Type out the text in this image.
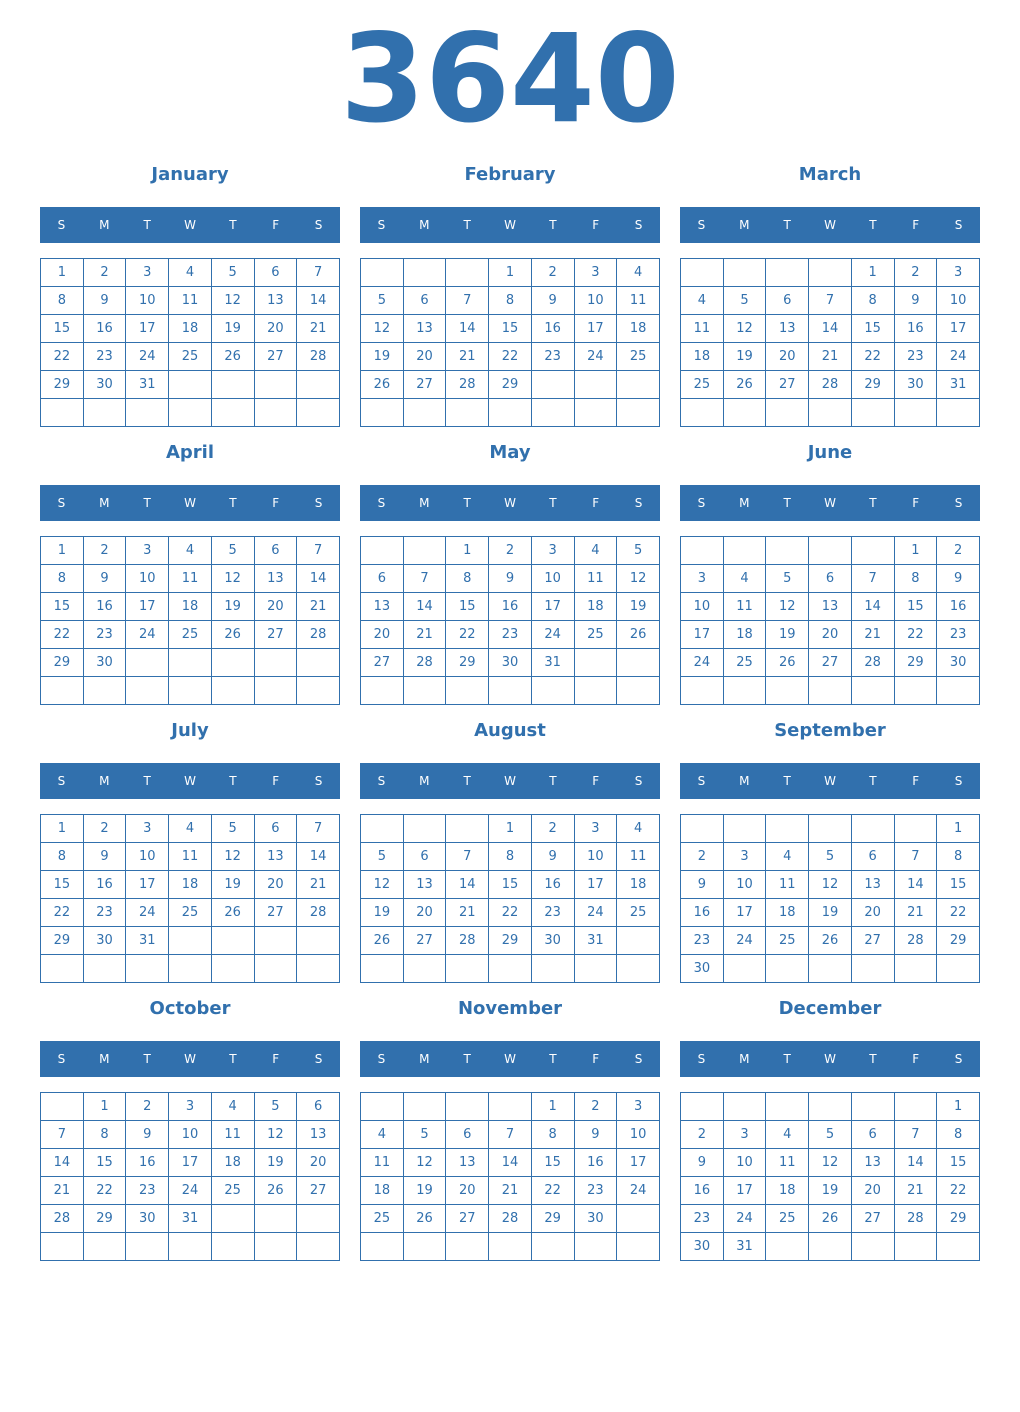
3640
January
S	M	T	W	T	F	S
1	2	3	4	5	6	7
8	9	10	11	12	13	14
15	16	17	18	19	20	21
22	23	24	25	26	27	28
29	30	31				

February
S	M	T	W	T	F	S
			1	2	3	4
5	6	7	8	9	10	11
12	13	14	15	16	17	18
19	20	21	22	23	24	25
26	27	28	29			

March
S	M	T	W	T	F	S
				1	2	3
4	5	6	7	8	9	10
11	12	13	14	15	16	17
18	19	20	21	22	23	24
25	26	27	28	29	30	31

April
S	M	T	W	T	F	S
1	2	3	4	5	6	7
8	9	10	11	12	13	14
15	16	17	18	19	20	21
22	23	24	25	26	27	28
29	30					

May
S	M	T	W	T	F	S
		1	2	3	4	5
6	7	8	9	10	11	12
13	14	15	16	17	18	19
20	21	22	23	24	25	26
27	28	29	30	31		

June
S	M	T	W	T	F	S
					1	2
3	4	5	6	7	8	9
10	11	12	13	14	15	16
17	18	19	20	21	22	23
24	25	26	27	28	29	30

July
S	M	T	W	T	F	S
1	2	3	4	5	6	7
8	9	10	11	12	13	14
15	16	17	18	19	20	21
22	23	24	25	26	27	28
29	30	31				

August
S	M	T	W	T	F	S
			1	2	3	4
5	6	7	8	9	10	11
12	13	14	15	16	17	18
19	20	21	22	23	24	25
26	27	28	29	30	31	

September
S	M	T	W	T	F	S
						1
2	3	4	5	6	7	8
9	10	11	12	13	14	15
16	17	18	19	20	21	22
23	24	25	26	27	28	29
30						
October
S	M	T	W	T	F	S
	1	2	3	4	5	6
7	8	9	10	11	12	13
14	15	16	17	18	19	20
21	22	23	24	25	26	27
28	29	30	31			

November
S	M	T	W	T	F	S
				1	2	3
4	5	6	7	8	9	10
11	12	13	14	15	16	17
18	19	20	21	22	23	24
25	26	27	28	29	30	

December
S	M	T	W	T	F	S
						1
2	3	4	5	6	7	8
9	10	11	12	13	14	15
16	17	18	19	20	21	22
23	24	25	26	27	28	29
30	31					
